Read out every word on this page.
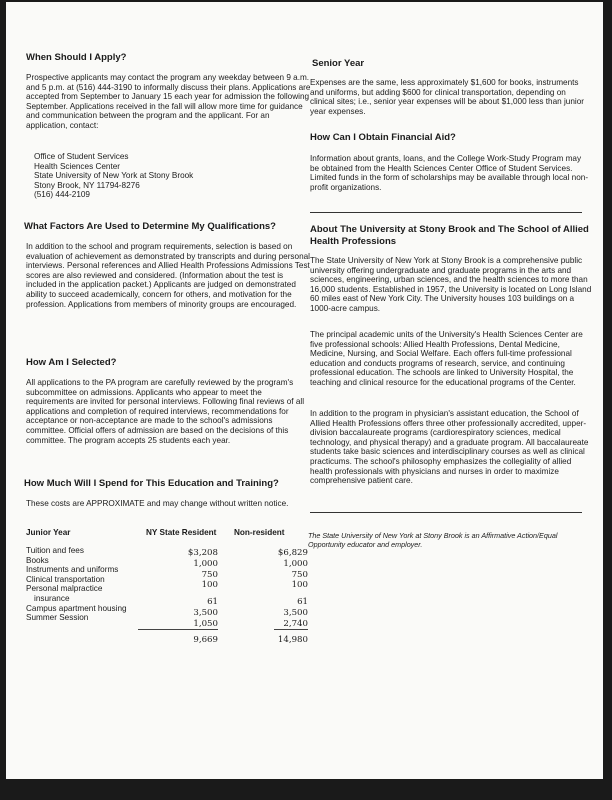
When Should I Apply?
Prospective applicants may contact the program any weekday between 9 a.m. and 5 p.m. at (516) 444-3190 to informally discuss their plans. Applications are accepted from September to January 15 each year for admission the following September. Applications received in the fall will allow more time for guidance and communication between the program and the applicant. For an application, contact:
Office of Student Services
Health Sciences Center
State University of New York at Stony Brook
Stony Brook, NY 11794-8276
(516) 444-2109
What Factors Are Used to Determine My Qualifications?
In addition to the school and program requirements, selection is based on evaluation of achievement as demonstrated by transcripts and during personal interviews. Personal references and Allied Health Professions Admissions Test scores are also reviewed and considered. (Information about the test is included in the application packet.) Applicants are judged on demonstrated ability to succeed academically, concern for others, and motivation for the profession. Applications from members of minority groups are encouraged.
How Am I Selected?
All applications to the PA program are carefully reviewed by the program's subcommittee on admissions. Applicants who appear to meet the requirements are invited for personal interviews. Following final reviews of all applications and completion of required interviews, recommendations for acceptance or non-acceptance are made to the school's admissions committee. Official offers of admission are based on the decisions of this committee. The program accepts 25 students each year.
How Much Will I Spend for This Education and Training?
These costs are APPROXIMATE and may change without written notice.
Junior Year	NY State Resident Non-resident
Tuition and fees
Books
Instruments and uniforms
Clinical transportation
Personal malpractice
insurance
Campus apartment housing
Summer Session
$3,208
1,000
750
100
61
3,500
1,050
9,669
$6,829
1,000
750
100
61
3,500
2,740
14,980
Senior Year
Expenses are the same, less approximately $1,600 for books, instruments and uniforms, but adding $600 for clinical transportation, depending on clinical sites; i.e., senior year expenses will be about $1,000 less than junior year expenses.
How Can I Obtain Financial Aid?
Information about grants, loans, and the College Work-Study Program may be obtained from the Health Sciences Center Office of Student Services. Limited funds in the form of scholarships may be available through local non-profit organizations.
About The University at Stony Brook and The School of Allied Health Professions
The State University of New York at Stony Brook is a comprehensive public university offering undergraduate and graduate programs in the arts and sciences, engineering, urban sciences, and the health sciences to more than 16,000 students. Established in 1957, the University is located on Long Island 60 miles east of New York City. The University houses 103 buildings on a 1000-acre campus.
The principal academic units of the University's Health Sciences Center are five professional schools: Allied Health Professions, Dental Medicine, Medicine, Nursing, and Social Welfare. Each offers full-time professional education and conducts programs of research, service, and continuing professional education. The schools are linked to University Hospital, the teaching and clinical resource for the educational programs of the Center.
In addition to the program in physician's assistant education, the School of Allied Health Professions offers three other professionally accredited, upper-division baccalaureate programs (cardiorespiratory sciences, medical technology, and physical therapy) and a graduate program. All baccalaureate students take basic sciences and interdisciplinary courses as well as clinical practicums. The school's philosophy emphasizes the collegiality of allied health professionals with physicians and nurses in order to maximize comprehensive patient care.
The State University of New York at Stony Brook is an Affirmative Action/Equal Opportunity educator and employer.
